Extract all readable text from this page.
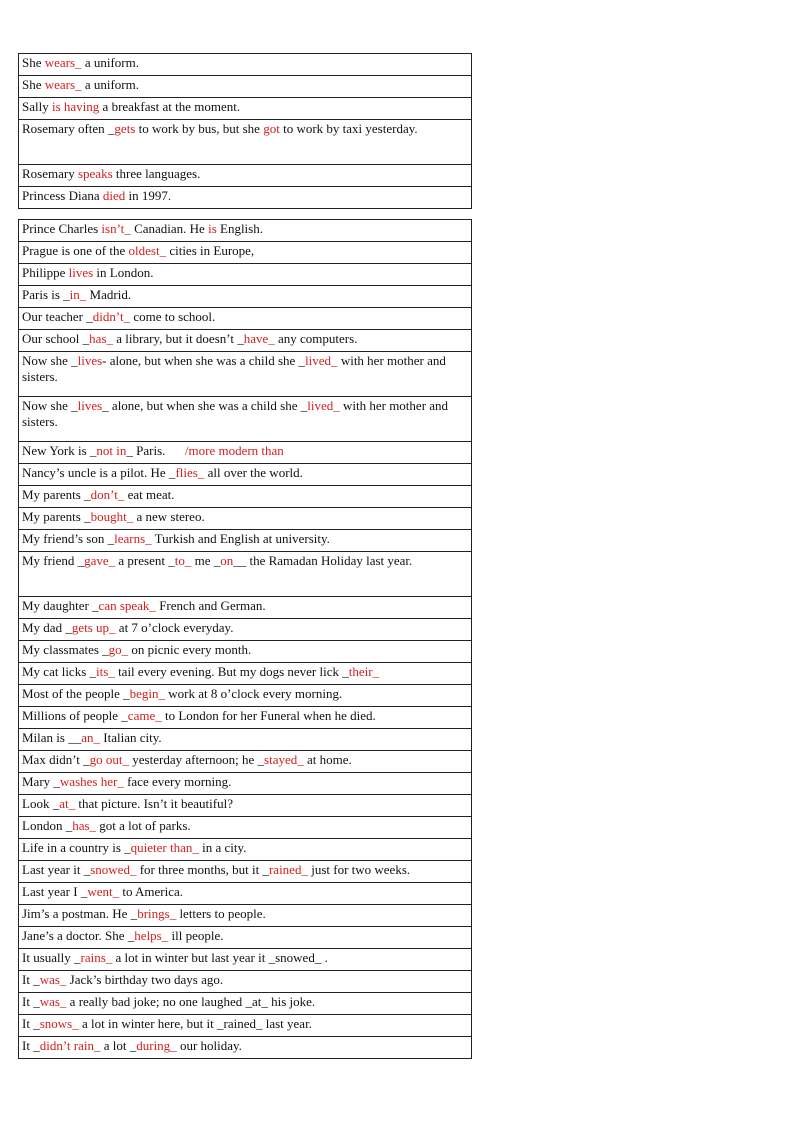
She wears_ a uniform.
She wears_ a uniform.
Sally is having a breakfast at the moment.
Rosemary often _gets to work by bus, but she got to work by taxi yesterday.
Rosemary speaks three languages.
Princess Diana died in 1997.
Prince Charles isn’t_ Canadian. He is English.
Prague is one of the oldest_ cities in Europe,
Philippe lives in London.
Paris is _in_ Madrid.
Our teacher _didn’t_ come to school.
Our school _has_ a library, but it doesn’t _have_ any computers.
Now she _lives- alone, but when she was a child she _lived_ with her mother and sisters.
Now she _lives_ alone, but when she was a child she _lived_ with her mother and sisters.
New York is _not in_ Paris.      /more modern than
Nancy’s uncle is a pilot. He _flies_ all over the world.
My parents _don’t_ eat meat.
My parents _bought_ a new stereo.
My friend’s son _learns_ Turkish and English at university.
My friend _gave_ a present _to_ me _on__ the Ramadan Holiday last year.
My daughter _can speak_ French and German.
My dad _gets up_ at 7 o’clock everyday.
My classmates _go_ on picnic every month.
My cat licks _its_ tail every evening. But my dogs never lick _their_
Most of the people _begin_ work at 8 o’clock every morning.
Millions of people _came_ to London for her Funeral when he died.
Milan is __an_ Italian city.
Max didn’t _go out_ yesterday afternoon; he _stayed_ at home.
Mary _washes her_ face every morning.
Look _at_ that picture. Isn’t it beautiful?
London _has_ got a lot of parks.
Life in a country is _quieter than_ in a city.
Last year it _snowed_ for three months, but it _rained_ just for two weeks.
Last year I _went_ to America.
Jim’s a postman. He _brings_ letters to people.
Jane’s a doctor. She _helps_ ill people.
It usually _rains_ a lot in winter but last year it _snowed_ .
It _was_ Jack’s birthday two days ago.
It _was_ a really bad joke; no one laughed _at_ his joke.
It _snows_ a lot in winter here, but it _rained_ last year.
It _didn’t rain_ a lot _during_ our holiday.
